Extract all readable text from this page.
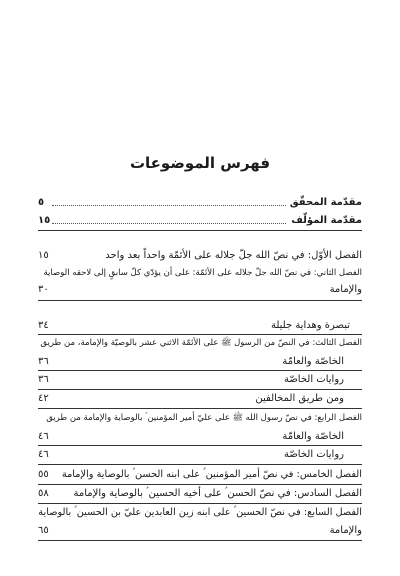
فهرس الموضوعات
مقدّمة المحقّق
٥
مقدّمة المؤلّف
١٥
الفصل الأوّل: في نصّ الله جلّ جلاله على الأئمّة واحداً بعد واحد
١٥
الفصل الثاني: في نصّ الله جلّ جلاله على الأئمّة: على أن يؤدّي كلّ سابقٍ إلى لاحقه الوصاية
والإمامة
٣٠
تبصرة وهداية جليلة
٣٤
الفصل الثالث: في النصّ من الرسول ﷺ على الأئمّة الاثني عشر بالوصيّة والإمامة، من طريق
الخاصّة والعامّة
٣٦
روايات الخاصّة
٣٦
ومن طريق المخالفين
٤٢
الفصل الرابع: في نصّ رسول الله ﷺ على عليّ أمير المؤمنين ؑ بالوصاية والإمامة من طريق
الخاصّة والعامّة
٤٦
روايات الخاصّة
٤٦
الفصل الخامس: في نصّ أمير المؤمنين ؑ على ابنه الحسن ؑ بالوصاية والإمامة
٥٥
الفصل السادس: في نصّ الحسن ؑ على أخيه الحسين ؑ بالوصاية والإمامة
٥٨
الفصل السابع: في نصّ الحسين ؑ على ابنه زين العابدين عليّ بن الحسين ؑ بالوصاية
والإمامة
٦٥
